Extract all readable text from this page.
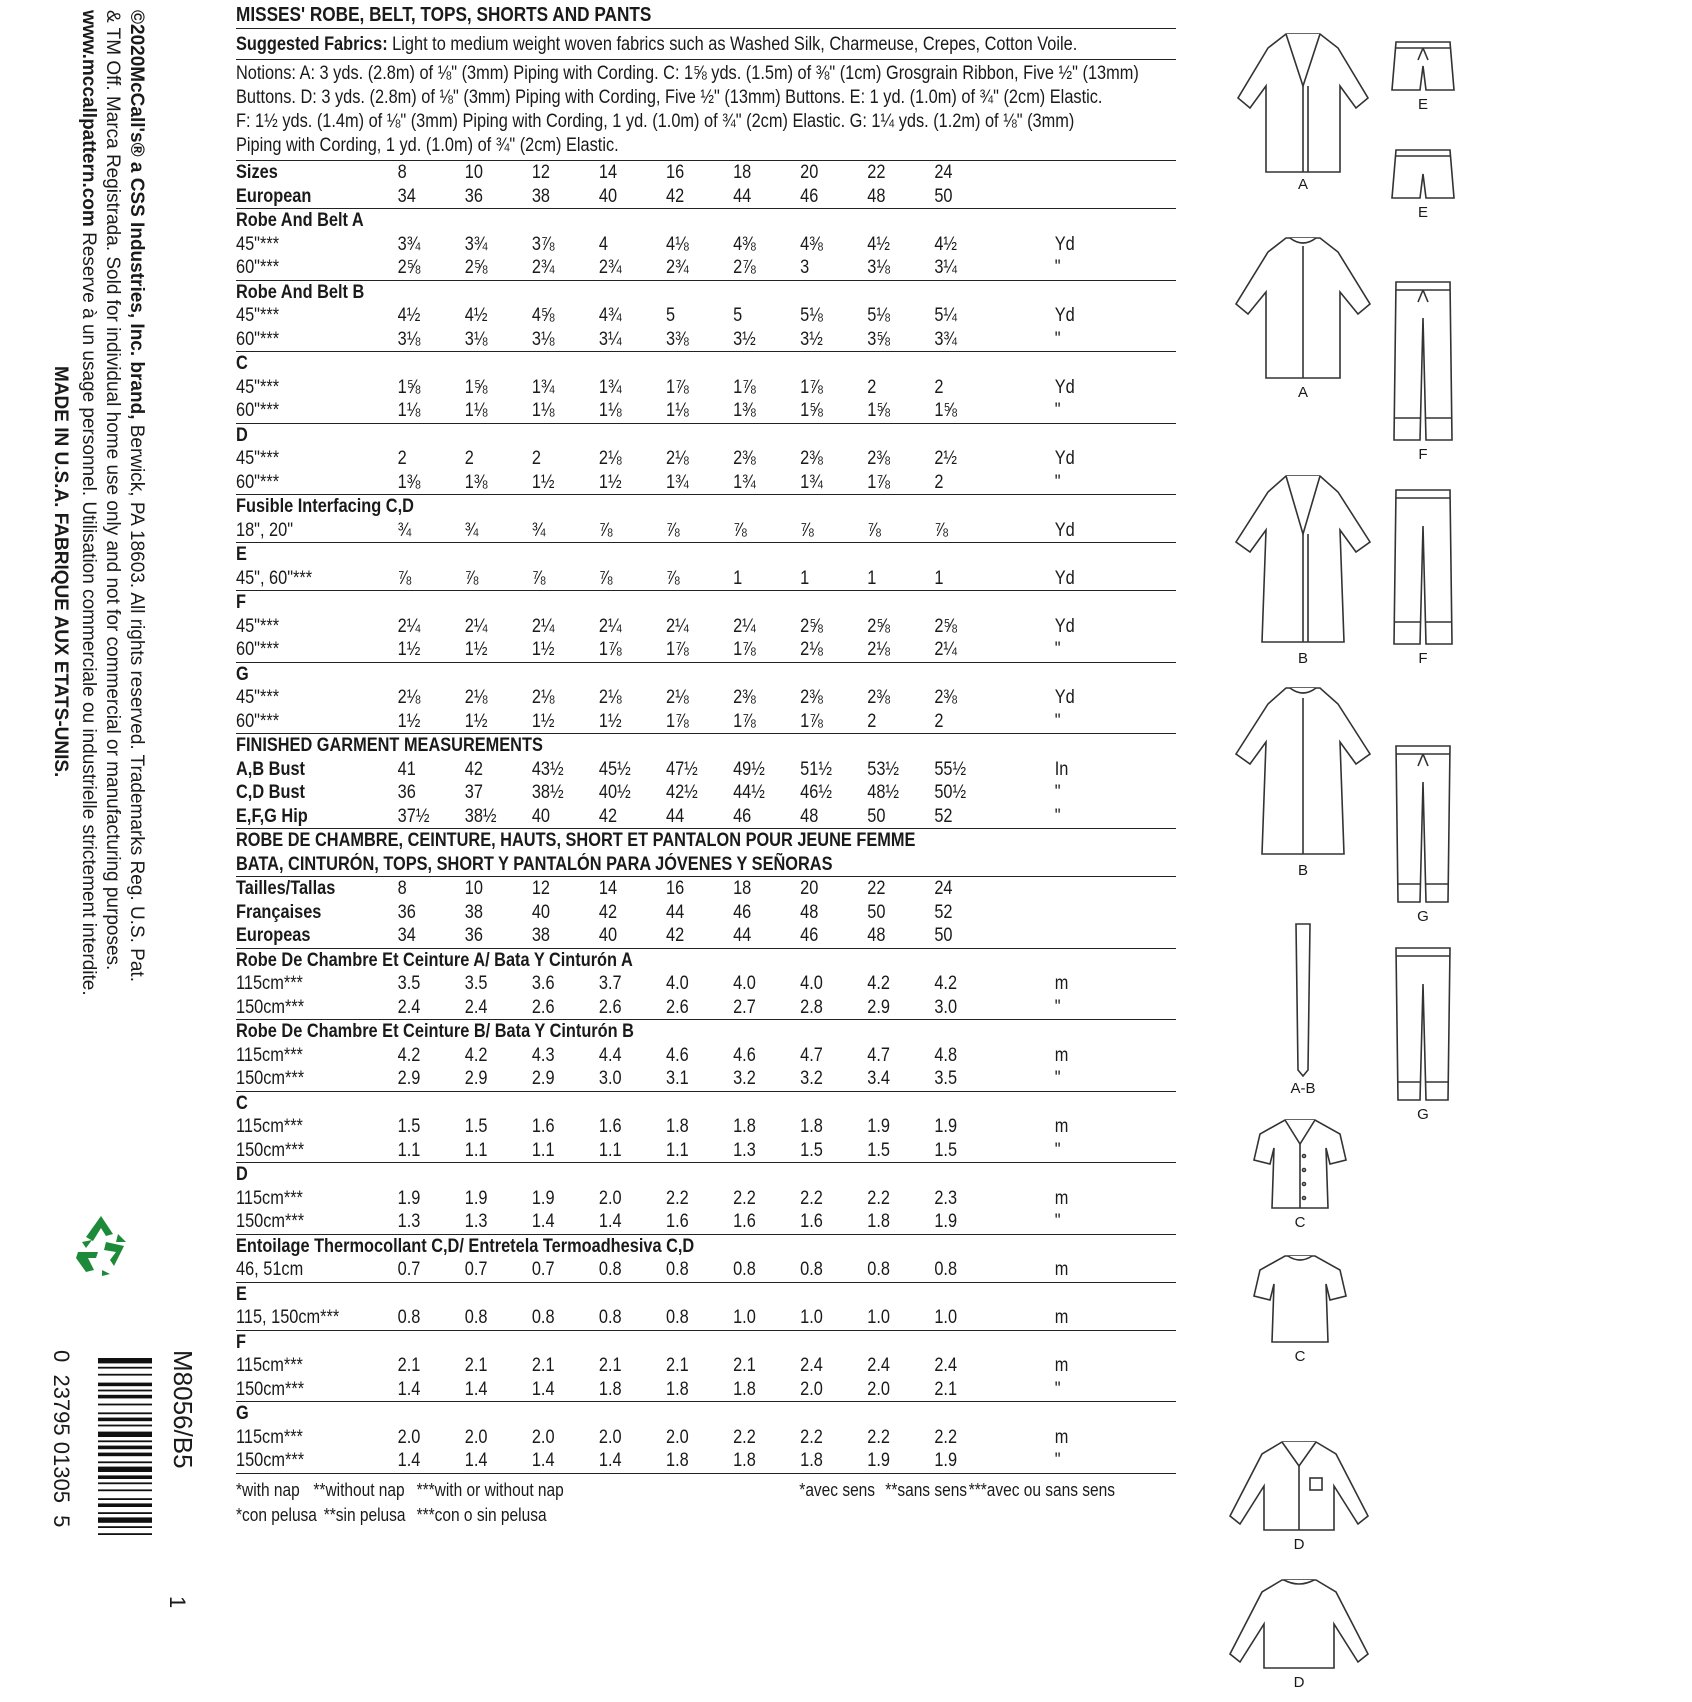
©2020McCall's® a CSS Industries, Inc. brand, Berwick, PA 18603. All rights reserved. Trademarks Reg. U.S. Pat.
& TM Off. Marca Registrada. Sold for individual home use only and not for commercial or manufacturing purposes.
www.mccallpattern.com Reserve à un usage personnel. Utilisation commerciale ou industrielle strictement interdite.
MADE IN U.S.A. FABRIQUE AUX ETATS-UNIS.
M8056/B5
0  23795 01305  5
1
MISSES' ROBE, BELT, TOPS, SHORTS AND PANTS
Suggested Fabrics: Light to medium weight woven fabrics such as Washed Silk, Charmeuse, Crepes, Cotton Voile.
Notions: A: 3 yds. (2.8m) of ⅛" (3mm) Piping with Cording. C: 1⅝ yds. (1.5m) of ⅜" (1cm) Grosgrain Ribbon, Five ½" (13mm)
Buttons. D: 3 yds. (2.8m) of ⅛" (3mm) Piping with Cording, Five ½" (13mm) Buttons. E: 1 yd. (1.0m) of ¾" (2cm) Elastic.
F: 1½ yds. (1.4m) of ⅛" (3mm) Piping with Cording, 1 yd. (1.0m) of ¾" (2cm) Elastic. G: 1¼ yds. (1.2m) of ⅛" (3mm)
Piping with Cording, 1 yd. (1.0m) of ¾" (2cm) Elastic.
Sizes	8	10	12	14	16	18	20	22	24
European	34	36	38	40	42	44	46	48	50
Robe And Belt A
45"***	3¾ 3¾ 3⅞ 4	4⅛ 4⅜ 4⅜ 4½ 4½	Yd
60"***	2⅝ 2⅝ 2¾ 2¾ 2¾ 2⅞ 3	3⅛ 3¼	"
Robe And Belt B
45"***	4½ 4½ 4⅝ 4¾ 5	5	5⅛ 5⅛ 5¼	Yd
60"***	3⅛ 3⅛ 3⅛ 3¼ 3⅜ 3½ 3½ 3⅝ 3¾	"
C
45"***	1⅝ 1⅝ 1¾ 1¾ 1⅞ 1⅞ 1⅞ 2	2	Yd
60"***	1⅛ 1⅛ 1⅛ 1⅛ 1⅛ 1⅜ 1⅝ 1⅝ 1⅝	"
D
45"***	2	2	2	2⅛ 2⅛ 2⅜ 2⅜ 2⅜ 2½	Yd
60"***	1⅜ 1⅜ 1½ 1½ 1¾ 1¾ 1¾ 1⅞ 2	"
Fusible Interfacing C,D
18", 20"	¾	¾	¾	⅞	⅞	⅞	⅞	⅞	⅞	Yd
E
45", 60"***	⅞	⅞	⅞	⅞	⅞	1	1	1	1	Yd
F
45"***	2¼ 2¼ 2¼ 2¼ 2¼ 2¼ 2⅝ 2⅝ 2⅝	Yd
60"***	1½ 1½ 1½ 1⅞ 1⅞ 1⅞ 2⅛ 2⅛ 2¼	"
G
45"***	2⅛ 2⅛ 2⅛ 2⅛ 2⅛ 2⅜ 2⅜ 2⅜ 2⅜	Yd
60"***	1½ 1½ 1½ 1½ 1⅞ 1⅞ 1⅞ 2	2	"
FINISHED GARMENT MEASUREMENTS
A,B Bust	41	42	43½ 45½ 47½ 49½ 51½ 53½ 55½	In
C,D Bust	36	37	38½ 40½ 42½ 44½ 46½ 48½ 50½	"
E,F,G Hip	37½ 38½ 40	42	44	46	48	50	52	"
ROBE DE CHAMBRE, CEINTURE, HAUTS, SHORT ET PANTALON POUR JEUNE FEMME
BATA, CINTURÓN, TOPS, SHORT Y PANTALÓN PARA JÓVENES Y SEÑORAS
Tailles/Tallas	8	10	12	14	16	18	20	22	24
Françaises	36	38	40	42	44	46	48	50	52
Europeas	34	36	38	40	42	44	46	48	50
Robe De Chambre Et Ceinture A/ Bata Y Cinturón A
115cm***	3.5 3.5 3.6 3.7 4.0 4.0 4.0 4.2 4.2	m
150cm***	2.4 2.4 2.6 2.6 2.6 2.7 2.8 2.9 3.0	"
Robe De Chambre Et Ceinture B/ Bata Y Cinturón B
115cm***	4.2 4.2 4.3 4.4 4.6 4.6 4.7 4.7 4.8	m
150cm***	2.9 2.9 2.9 3.0 3.1 3.2 3.2 3.4 3.5	"
C
115cm***	1.5 1.5 1.6 1.6 1.8 1.8 1.8 1.9 1.9	m
150cm***	1.1 1.1 1.1 1.1 1.1 1.3 1.5 1.5 1.5	"
D
115cm***	1.9 1.9 1.9 2.0 2.2 2.2 2.2 2.2 2.3	m
150cm***	1.3 1.3 1.4 1.4 1.6 1.6 1.6 1.8 1.9	"
Entoilage Thermocollant C,D/ Entretela Termoadhesiva C,D
46, 51cm	0.7 0.7 0.7 0.8 0.8 0.8 0.8 0.8 0.8	m
E
115, 150cm***	0.8 0.8 0.8 0.8 0.8 1.0 1.0 1.0 1.0	m
F
115cm***	2.1 2.1 2.1 2.1 2.1 2.1 2.4 2.4 2.4	m
150cm***	1.4 1.4 1.4 1.8 1.8 1.8 2.0 2.0 2.1	"
G
115cm***	2.0 2.0 2.0 2.0 2.0 2.2 2.2 2.2 2.2	m
150cm***	1.4 1.4 1.4 1.4 1.8 1.8 1.8 1.9 1.9	"
*with nap **without nap ***with or without nap	*avec sens **sans sens ***avec ou sans sens
*con pelusa **sin pelusa ***con o sin pelusa
A
E
E
A
F
B	F
B
G
A-B
G
C
C
D
D
